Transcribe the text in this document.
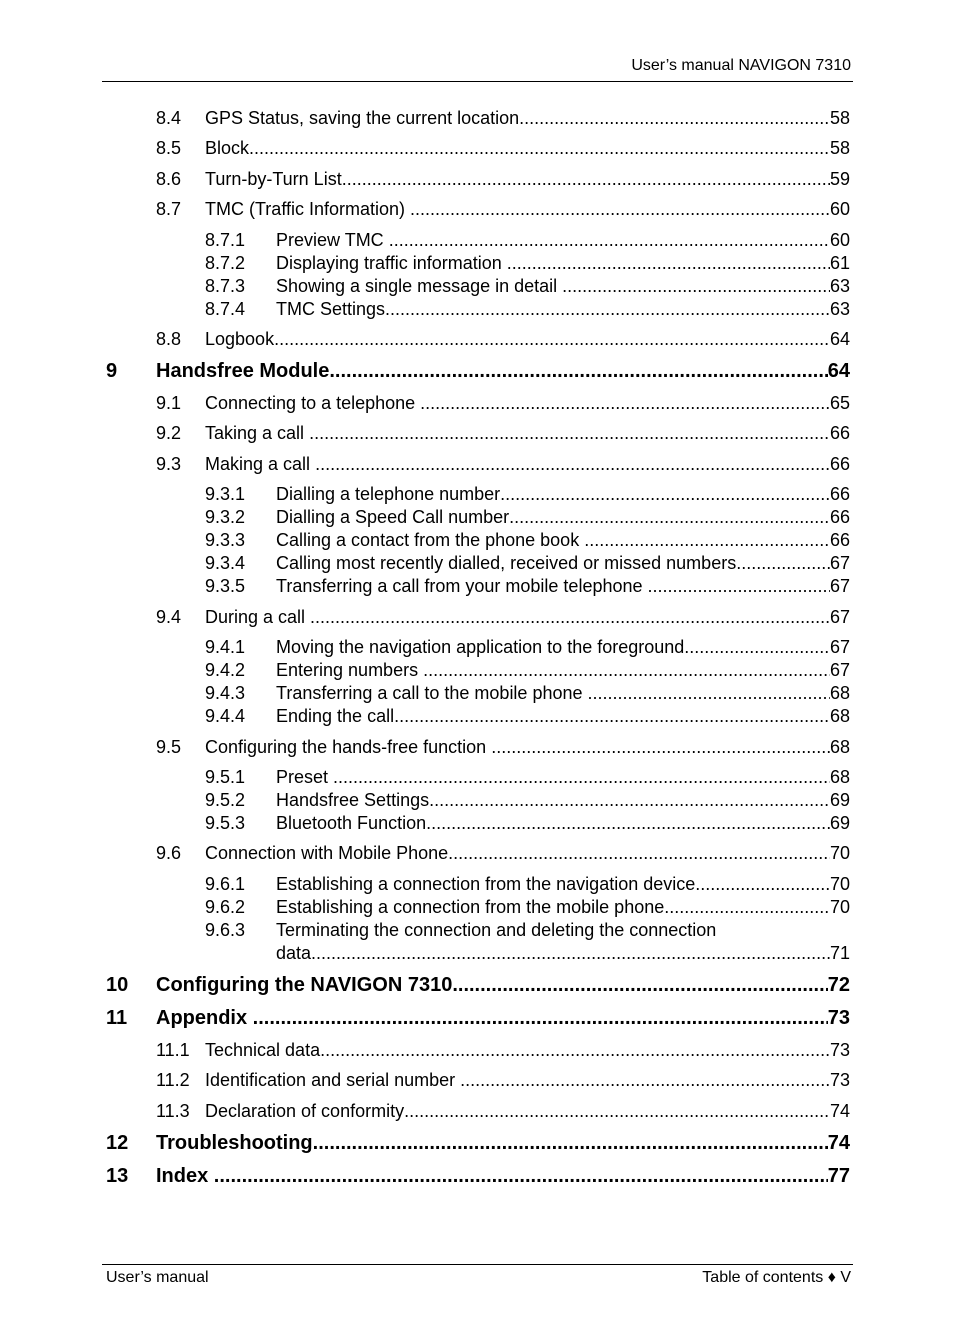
User’s manual NAVIGON 7310
8.4 GPS Status, saving the current location .....	58
8.5 Block .....	58
8.6 Turn-by-Turn List .....	59
8.7 TMC (Traffic Information) .....	60
8.7.1 Preview TMC .....	60
8.7.2 Displaying traffic information .....	61
8.7.3 Showing a single message in detail .....	63
8.7.4 TMC Settings .....	63
8.8 Logbook .....	64
9 Handsfree Module .....	64
9.1 Connecting to a telephone .....	65
9.2 Taking a call .....	66
9.3 Making a call .....	66
9.3.1 Dialling a telephone number .....	66
9.3.2 Dialling a Speed Call number .....	66
9.3.3 Calling a contact from the phone book .....	66
9.3.4 Calling most recently dialled, received or missed numbers .....	67
9.3.5 Transferring a call from your mobile telephone .....	67
9.4 During a call .....	67
9.4.1 Moving the navigation application to the foreground .....	67
9.4.2 Entering numbers .....	67
9.4.3 Transferring a call to the mobile phone .....	68
9.4.4 Ending the call .....	68
9.5 Configuring the hands-free function .....	68
9.5.1 Preset .....	68
9.5.2 Handsfree Settings .....	69
9.5.3 Bluetooth Function .....	69
9.6 Connection with Mobile Phone .....	70
9.6.1 Establishing a connection from the navigation device .....	70
9.6.2 Establishing a connection from the mobile phone .....	70
9.6.3 Terminating the connection and deleting the connection
data .....	71
10 Configuring the NAVIGON 7310 .....	72
11 Appendix .....	73
11.1 Technical data .....	73
11.2 Identification and serial number .....	73
11.3 Declaration of conformity .....	74
12 Troubleshooting .....	74
13 Index .....	77
User’s manual	Table of contents ♦ V
